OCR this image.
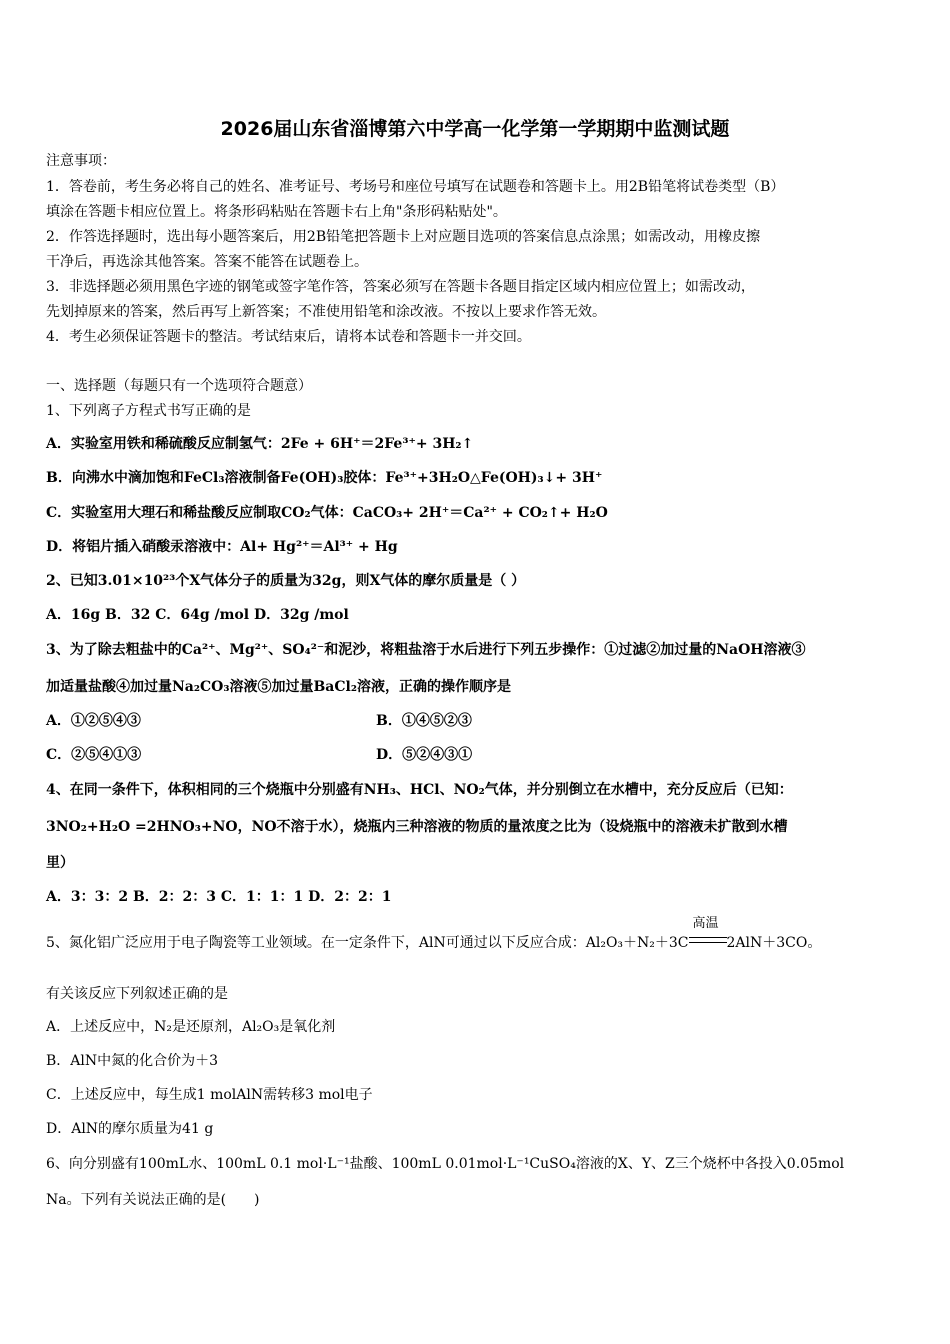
2026届山东省淄博第六中学高一化学第一学期期中监测试题
注意事项：
1．答卷前，考生务必将自己的姓名、准考证号、考场号和座位号填写在试题卷和答题卡上。用2B铅笔将试卷类型（B）
填涂在答题卡相应位置上。将条形码粘贴在答题卡右上角"条形码粘贴处"。
2．作答选择题时，选出每小题答案后，用2B铅笔把答题卡上对应题目选项的答案信息点涂黑；如需改动，用橡皮擦
干净后，再选涂其他答案。答案不能答在试题卷上。
3．非选择题必须用黑色字迹的钢笔或签字笔作答，答案必须写在答题卡各题目指定区域内相应位置上；如需改动，
先划掉原来的答案，然后再写上新答案；不准使用铅笔和涂改液。不按以上要求作答无效。
4．考生必须保证答题卡的整洁。考试结束后，请将本试卷和答题卡一并交回。
一、选择题（每题只有一个选项符合题意）
1、下列离子方程式书写正确的是
A．实验室用铁和稀硫酸反应制氢气：2Fe + 6H⁺＝2Fe³⁺+ 3H₂↑
B．向沸水中滴加饱和FeCl₃溶液制备Fe(OH)₃胶体：Fe³⁺+3H₂O△Fe(OH)₃↓+ 3H⁺
C．实验室用大理石和稀盐酸反应制取CO₂气体：CaCO₃+ 2H⁺＝Ca²⁺ + CO₂↑+ H₂O
D．将铝片插入硝酸汞溶液中：Al+ Hg²⁺＝Al³⁺ + Hg
2、已知3.01×10²³个X气体分子的质量为32g，则X气体的摩尔质量是（ ）
A．16g B．32 C．64g /mol D．32g /mol
3、为了除去粗盐中的Ca²⁺、Mg²⁺、SO₄²⁻和泥沙，将粗盐溶于水后进行下列五步操作：①过滤②加过量的NaOH溶液③
加适量盐酸④加过量Na₂CO₃溶液⑤加过量BaCl₂溶液，正确的操作顺序是
A．①②⑤④③	B．①④⑤②③
C．②⑤④①③	D．⑤②④③①
4、在同一条件下，体积相同的三个烧瓶中分别盛有NH₃、HCl、NO₂气体，并分别倒立在水槽中，充分反应后（已知：
3NO₂+H₂O =2HNO₃+NO，NO不溶于水），烧瓶内三种溶液的物质的量浓度之比为（设烧瓶中的溶液未扩散到水槽
里）
A．3：3：2 B．2：2：3 C．1：1：1 D．2：2：1
5、氮化铝广泛应用于电子陶瓷等工业领域。在一定条件下，AlN可通过以下反应合成：Al₂O₃＋N₂＋3C
高温
2AlN＋3CO。
有关该反应下列叙述正确的是
A．上述反应中，N₂是还原剂，Al₂O₃是氧化剂
B．AlN中氮的化合价为＋3
C．上述反应中，每生成1 molAlN需转移3 mol电子
D．AlN的摩尔质量为41 g
6、向分别盛有100mL水、100mL 0.1 mol·L⁻¹盐酸、100mL 0.01mol·L⁻¹CuSO₄溶液的X、Y、Z三个烧杯中各投入0.05mol
Na。下列有关说法正确的是(　　)
